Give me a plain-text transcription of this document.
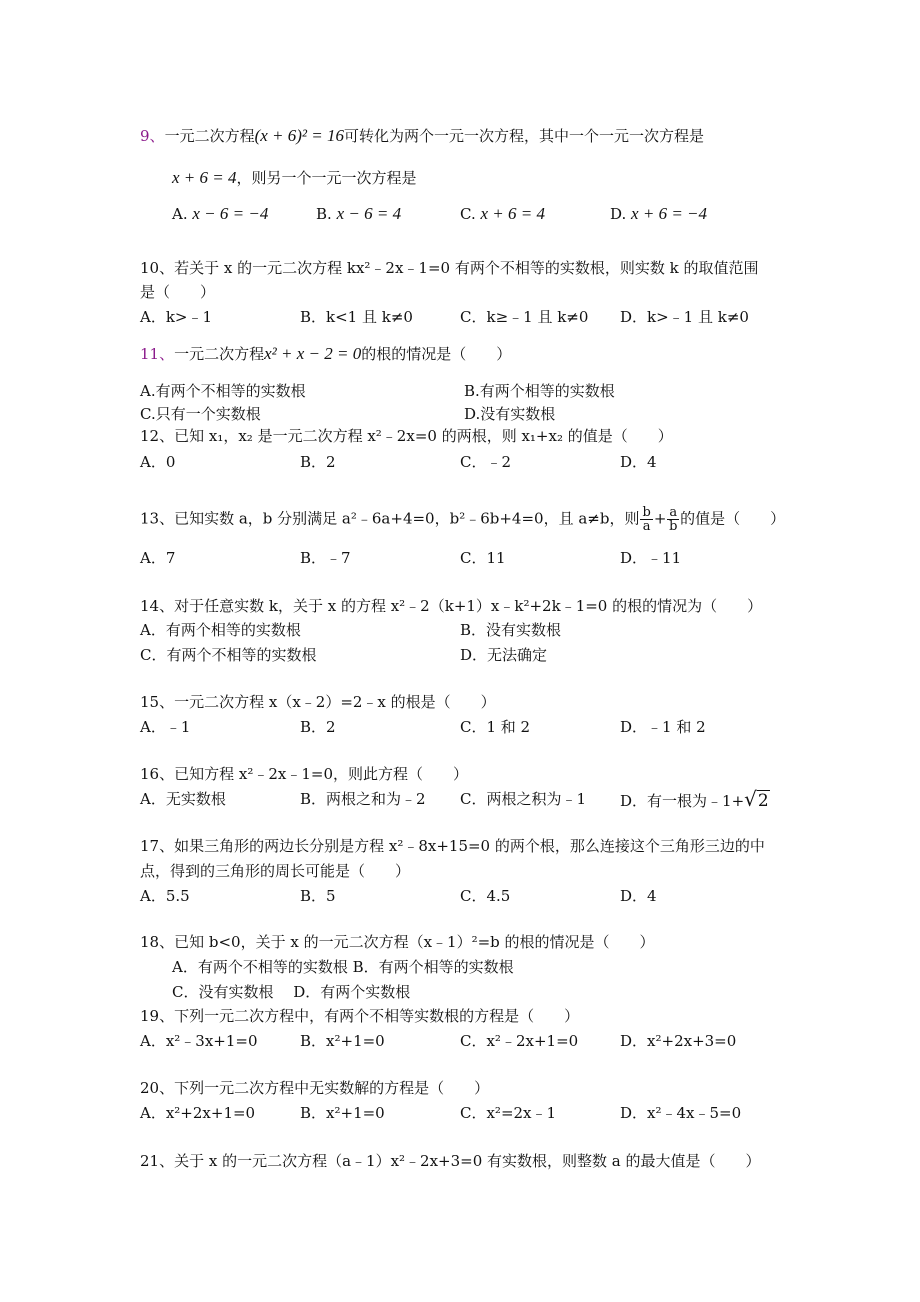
9、一元二次方程(x + 6)² = 16可转化为两个一元一次方程，其中一个一元一次方程是
x + 6 = 4，则另一个一元一次方程是
A. x − 6 = −4	B. x − 6 = 4	C. x + 6 = 4	D. x + 6 = −4
10、若关于 x 的一元二次方程 kx²﹣2x﹣1=0 有两个不相等的实数根，则实数 k 的取值范围
是（　　）
A．k>﹣1	B．k<1 且 k≠0	C．k≥﹣1 且 k≠0 D．k>﹣1 且 k≠0
11、一元二次方程x² + x − 2 = 0的根的情况是（　　）
A.有两个不相等的实数根	B.有两个相等的实数根
C.只有一个实数根	D.没有实数根
12、已知 x₁，x₂ 是一元二次方程 x²﹣2x=0 的两根，则 x₁+x₂ 的值是（　　）
A．0	B．2	C．﹣2	D．4
13、已知实数 a，b 分别满足 a²﹣6a+4=0，b²﹣6b+4=0，且 a≠b，则 $\frac{b}{a} + \frac{a}{b}$ 的值是（　　）
A．7	B．﹣7	C．11	D．﹣11
14、对于任意实数 k，关于 x 的方程 x²﹣2（k+1）x﹣k²+2k﹣1=0 的根的情况为（　　）
A．有两个相等的实数根	B．没有实数根
C．有两个不相等的实数根	D．无法确定
15、一元二次方程 x（x﹣2）=2﹣x 的根是（　　）
A．﹣1	B．2	C．1 和 2	D．﹣1 和 2
16、已知方程 x²﹣2x﹣1=0，则此方程（　　）
A．无实数根	B．两根之和为﹣2 C．两根之积为﹣1 D．有一根为﹣1+√2
17、如果三角形的两边长分别是方程 x²﹣8x+15=0 的两个根，那么连接这个三角形三边的中
点，得到的三角形的周长可能是（　　）
A．5.5	B．5	C．4.5	D．4
18、已知 b<0，关于 x 的一元二次方程（x﹣1）²=b 的根的情况是（　　）
A．有两个不相等的实数根 B．有两个相等的实数根
C．没有实数根　 D．有两个实数根
19、下列一元二次方程中，有两个不相等实数根的方程是（　　）
A．x²﹣3x+1=0	B．x²+1=0	C．x²﹣2x+1=0	D．x²+2x+3=0
20、下列一元二次方程中无实数解的方程是（　　）
A．x²+2x+1=0	B．x²+1=0	C．x²=2x﹣1	D．x²﹣4x﹣5=0
21、关于 x 的一元二次方程（a﹣1）x²﹣2x+3=0 有实数根，则整数 a 的最大值是（　　）
